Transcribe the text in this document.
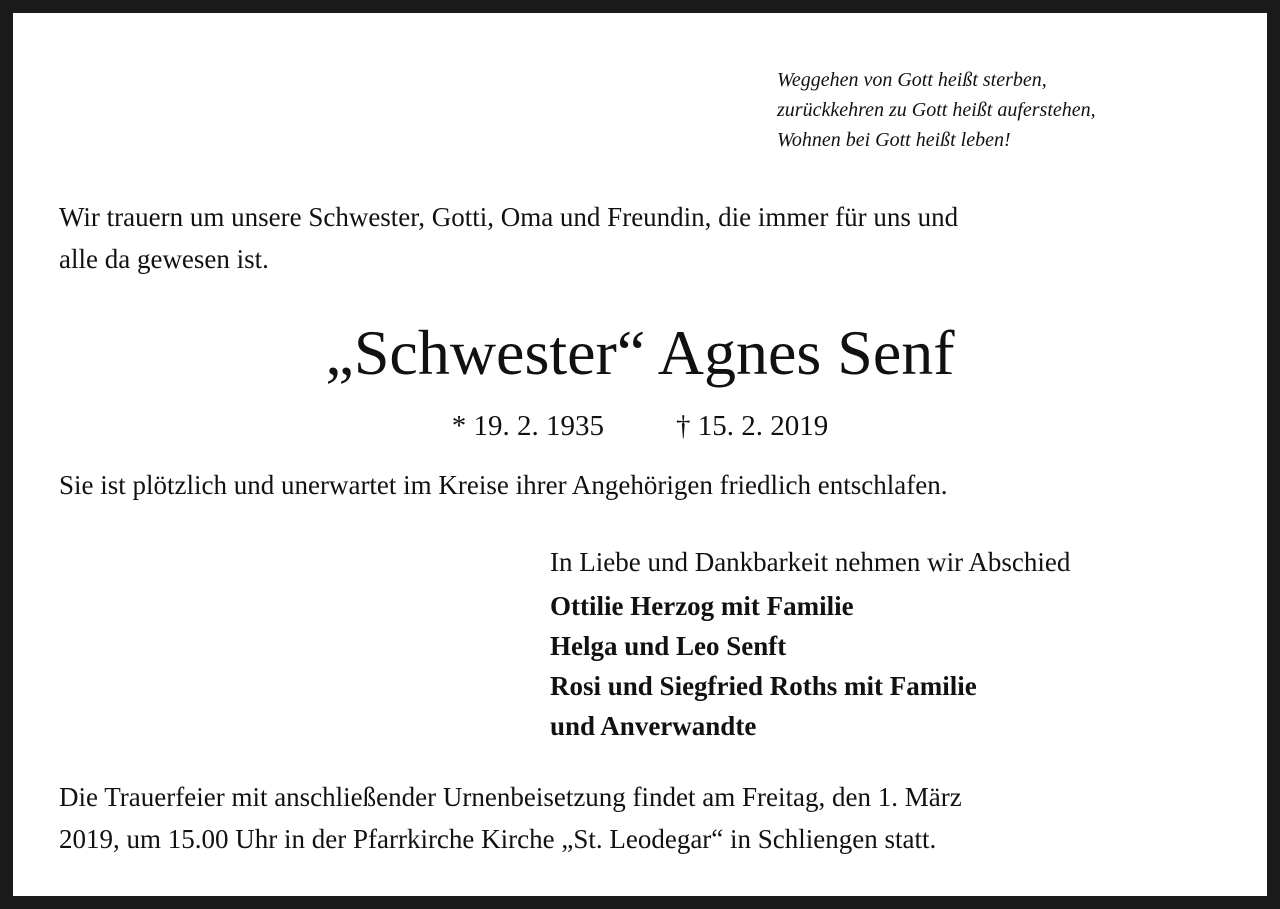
Weggehen von Gott heißt sterben,
zurückkehren zu Gott heißt auferstehen,
Wohnen bei Gott heißt leben!
Wir trauern um unsere Schwester, Gotti, Oma und Freundin, die immer für uns und
alle da gewesen ist.
„Schwester“ Agnes Senf
* 19. 2. 1935 † 15. 2. 2019
Sie ist plötzlich und unerwartet im Kreise ihrer Angehörigen friedlich entschlafen.
In Liebe und Dankbarkeit nehmen wir Abschied
Ottilie Herzog mit Familie
Helga und Leo Senft
Rosi und Siegfried Roths mit Familie
und Anverwandte
Die Trauerfeier mit anschließender Urnenbeisetzung findet am Freitag, den 1. März
2019, um 15.00 Uhr in der Pfarrkirche Kirche „St. Leodegar“ in Schliengen statt.
